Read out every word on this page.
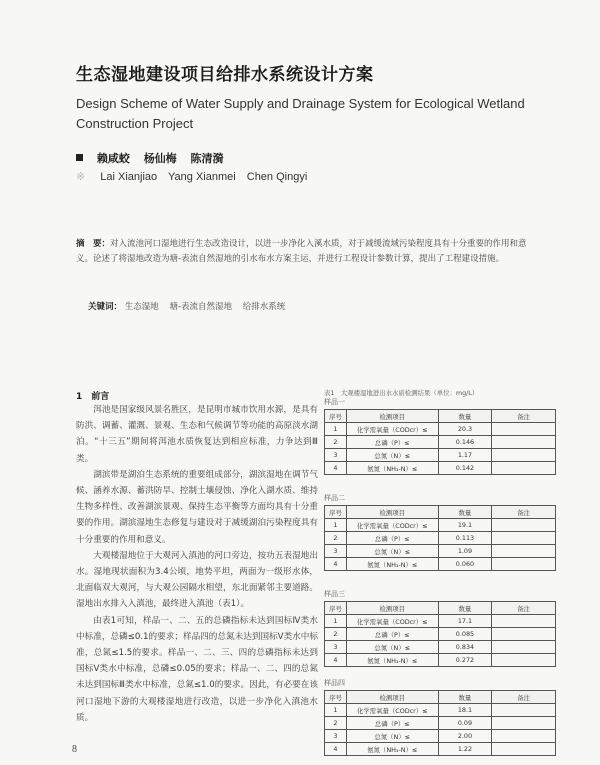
生态湿地建设项目给排水系统设计方案
Design Scheme of Water Supply and Drainage System for Ecological Wetland Construction Project
赖咸蛟 杨仙梅 陈清漪
※ Lai Xianjiao Yang Xianmei Chen Qingyi
摘　要：对入流池河口湿地进行生态改造设计，以进一步净化入溪水质，对于减缓流域污染程度具有十分重要的作用和意义。论述了将湿地改造为塘-表流自然湿地的引水布水方案主运，并进行工程设计参数计算，提出了工程建设措施。
关键词： 生态湿地 塘-表流自然湿地 给排水系统
1　前言

洱池是国家级风景名胜区，是昆明市城市饮用水源，是具有防洪、调蓄、灌溉、景观、生态和气候调节等功能的高原淡水湖泊。“十三五”期间将洱池水质恢复达到相应标准，力争达到Ⅲ类。

湖滨带是湖泊生态系统的重要组成部分，湖滨湿地在调节气候、涵养水源、蓄洪防旱、控制土壤侵蚀、净化入湖水质、维持生物多样性、改善湖滨景观、保持生态平衡等方面均具有十分重要的作用。湖滨湿地生态修复与建设对于减缓湖泊污染程度具有十分重要的作用和意义。

大观楼湿地位于大观河入滇池的河口旁边，按功五表湿地出水。湿地现状面积为3.4公顷，地势平坦，两面为一级形水体，北面临双大观河，与大观公园隔水相望，东北面紧邻主要道路。湿地出水排入入滇池，最终进入滇池（表1）。

由表1可知，样品一、二、五的总磷指标未达到国标Ⅳ类水中标准，总磷≤0.1的要求；样品四的总氮未达到国标Ⅴ类水中标准，总氮≤1.5的要求。样品一、二、三、四的总磷指标未达到国标Ⅴ类水中标准，总磷≤0.05的要求；样品一、二、四的总氮未达到国标Ⅲ类水中标准，总氮≤1.0的要求。因此，有必要在该河口湿地下游的大观楼湿地进行改造，以进一步净化入滇池水质。

8
表1　大观楼湿地进出水水质检测结果（单位：mg/L）
样品一
序号	检测项目	数量	备注
1	化学需氧量（CODcr）≤	20.3	
2	总磷（P）≤	0.146	
3	总氮（N）≤	1.17	
4	氨氮（NH₃-N）≤	0.142	
样品二
序号	检测项目	数量	备注
1	化学需氧量（CODcr）≤	19.1	
2	总磷（P）≤	0.113	
3	总氮（N）≤	1.09	
4	氨氮（NH₃-N）≤	0.060	
样品三
序号	检测项目	数量	备注
1	化学需氧量（CODcr）≤	17.1	
2	总磷（P）≤	0.085	
3	总氮（N）≤	0.834	
4	氨氮（NH₃-N）≤	0.272	
样品四
序号	检测项目	数量	备注
1	化学需氧量（CODcr）≤	18.1	
2	总磷（P）≤	0.09	
3	总氮（N）≤	2.00	
4	氨氮（NH₃-N）≤	1.22	
